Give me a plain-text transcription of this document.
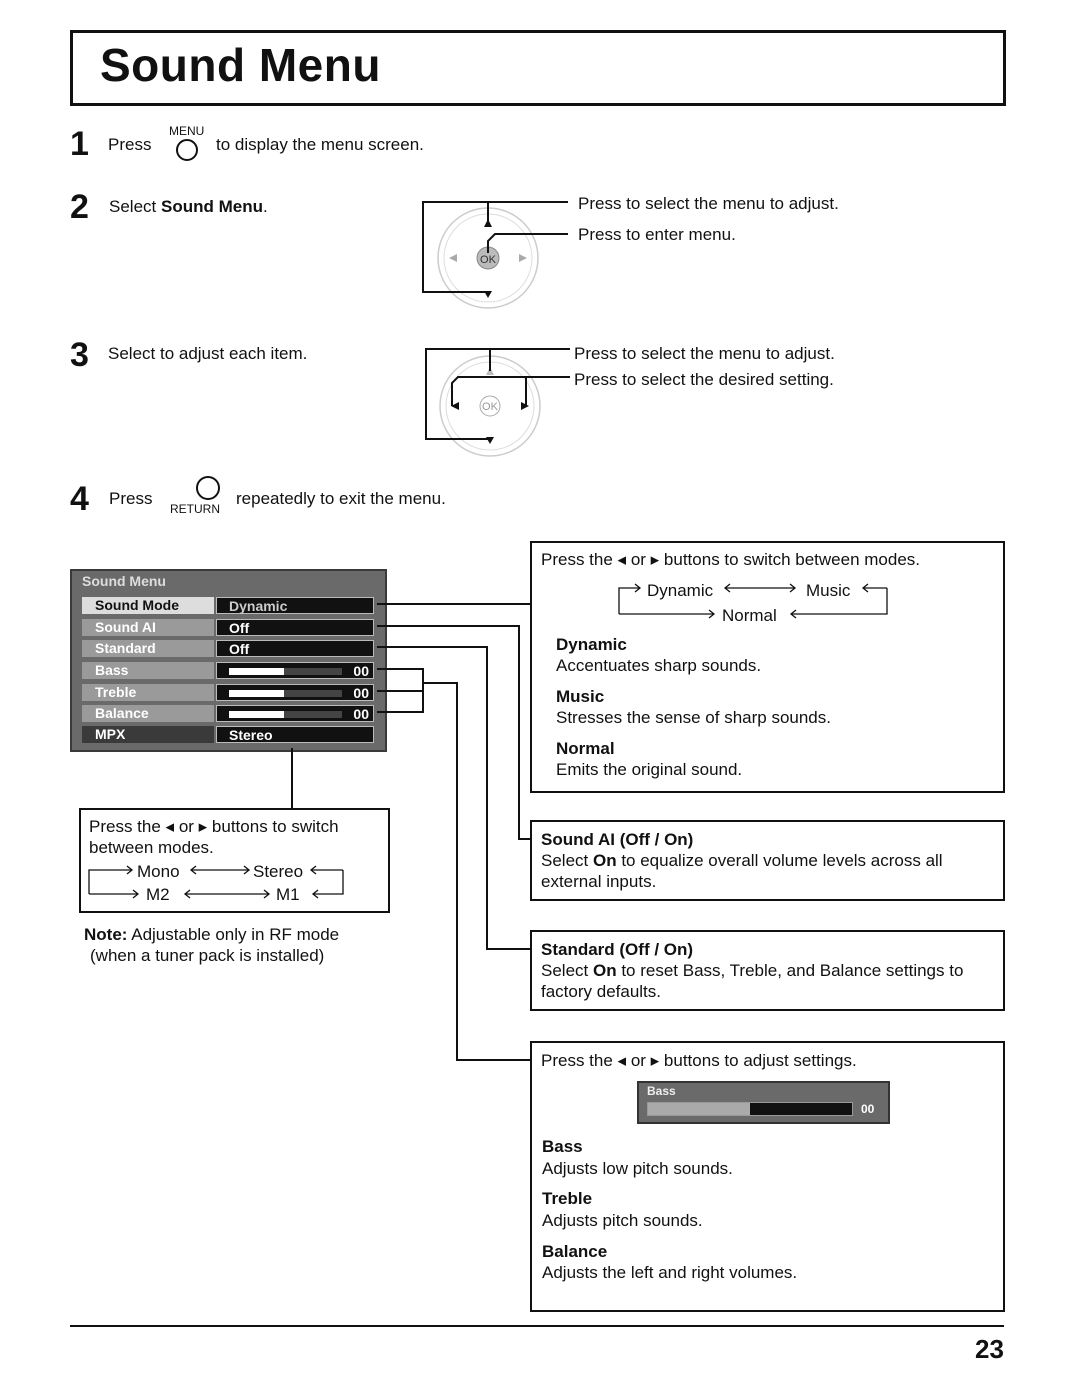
Sound Menu
1 Press
MENU
to display the menu screen.
2 Select Sound Menu.
OK
Press to select the menu to adjust.
Press to enter menu.
3 Select to adjust each item.
OK
Press to select the menu to adjust.
Press to select the desired setting.
4 Press
RETURN
repeatedly to exit the menu.
Sound Menu
Sound Mode	Dynamic
Sound AI	Off
Standard	Off
Bass	00
Treble	00
Balance	00
MPX	Stereo
Press the ◂ or ▸ buttons to switch between modes.
Dynamic	Music
Normal
Dynamic
Accentuates sharp sounds.
Music
Stresses the sense of sharp sounds.
Normal
Emits the original sound.
Sound AI (Off / On)
Select On to equalize overall volume levels across all
external inputs.
Standard (Off / On)
Select On to reset Bass, Treble, and Balance settings to
factory defaults.
Press the ◂ or ▸ buttons to adjust settings.
Bass
00
Bass
Adjusts low pitch sounds.
Treble
Adjusts pitch sounds.
Balance
Adjusts the left and right volumes.
Press the ◂ or ▸ buttons to switch
between modes.
Mono	Stereo
M2	M1
Note: Adjustable only in RF mode
(when a tuner pack is installed)
23
